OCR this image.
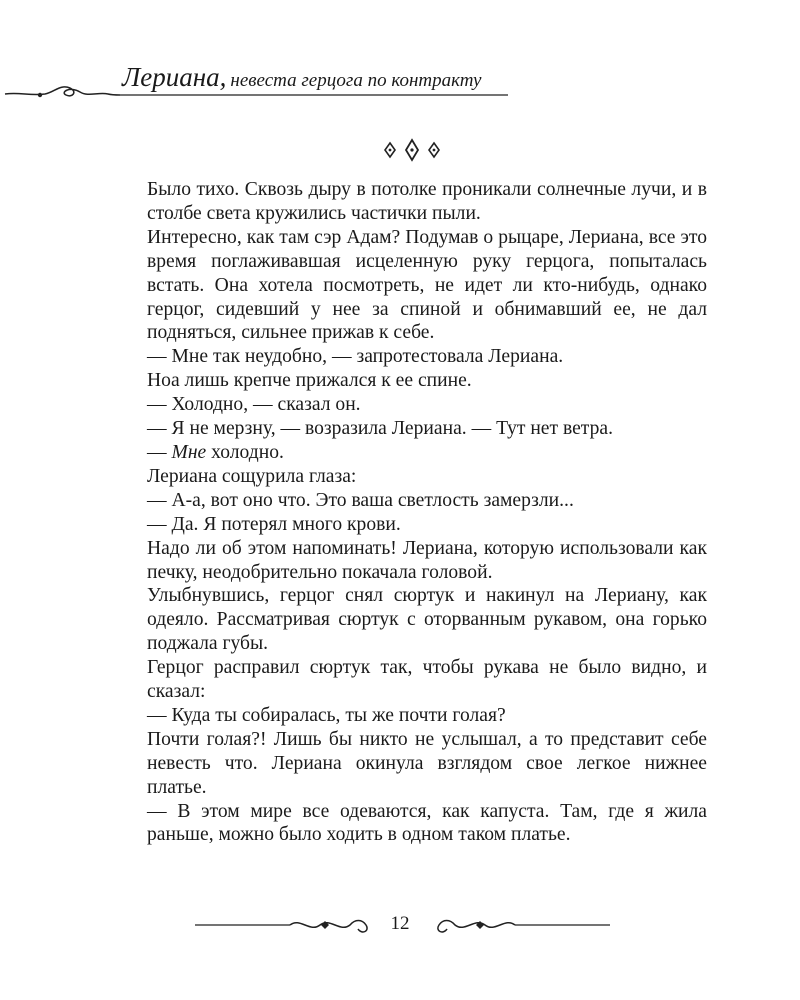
Лериана, невеста герцога по контракту

Было тихо. Сквозь дыру в потолке проникали солнечные лучи, и в столбе света кружились частички пыли.

Интересно, как там сэр Адам? Подумав о рыцаре, Лериана, все это время поглаживавшая исцеленную руку герцога, попыталась встать. Она хотела посмотреть, не идет ли кто-нибудь, однако герцог, сидевший у нее за спиной и обнимавший ее, не дал подняться, сильнее прижав к себе.

— Мне так неудобно, — запротестовала Лериана.

Ноа лишь крепче прижался к ее спине.

— Холодно, — сказал он.

— Я не мерзну, — возразила Лериана. — Тут нет ветра.

— Мне холодно.

Лериана сощурила глаза:

— А-а, вот оно что. Это ваша светлость замерзли...

— Да. Я потерял много крови.

Надо ли об этом напоминать! Лериана, которую использовали как печку, неодобрительно покачала головой.

Улыбнувшись, герцог снял сюртук и накинул на Лериану, как одеяло. Рассматривая сюртук с оторванным рукавом, она горько поджала губы.

Герцог расправил сюртук так, чтобы рукава не было видно, и сказал:

— Куда ты собиралась, ты же почти голая?

Почти голая?! Лишь бы никто не услышал, а то представит себе невесть что. Лериана окинула взглядом свое легкое нижнее платье.

— В этом мире все одеваются, как капуста. Там, где я жила раньше, можно было ходить в одном таком платье.

12
